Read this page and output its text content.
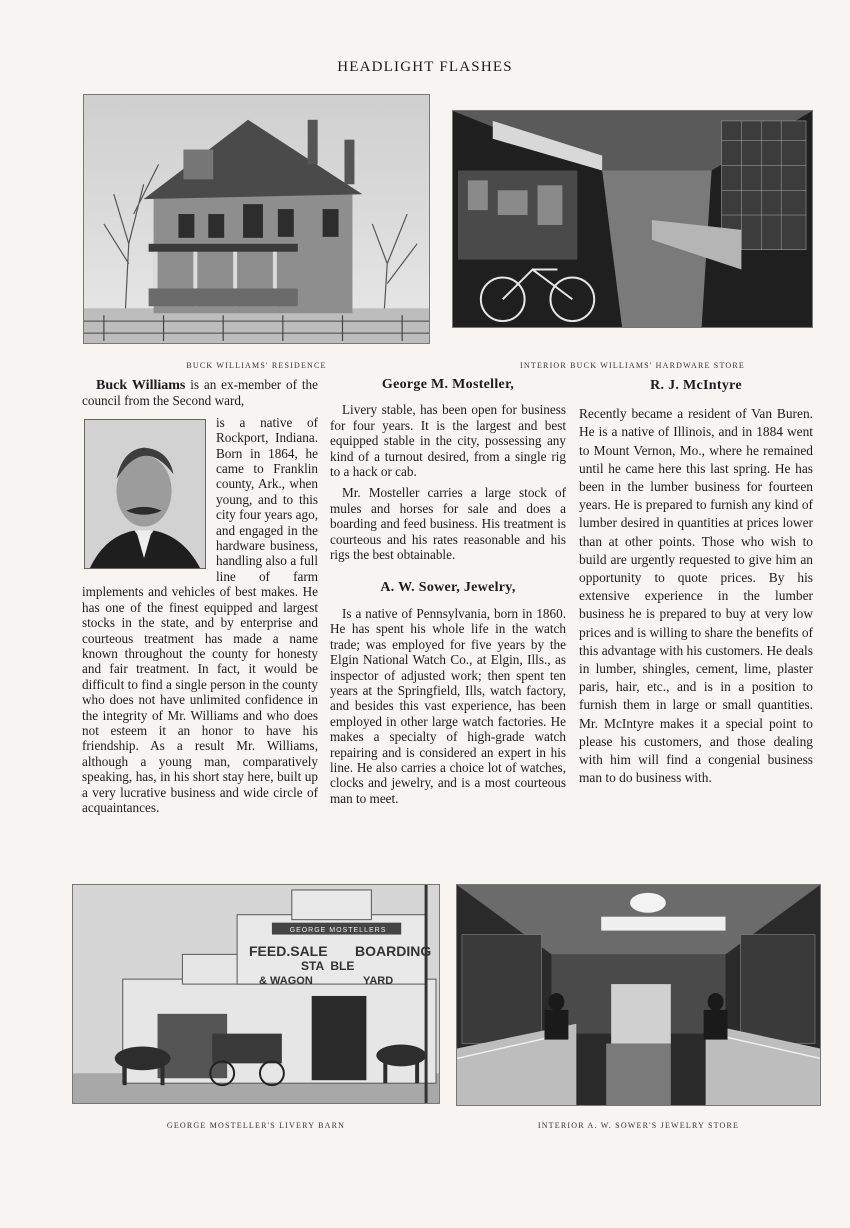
HEADLIGHT FLASHES
BUCK WILLIAMS' RESIDENCE	INTERIOR BUCK WILLIAMS' HARDWARE STORE

Buck Williams is an ex-member of the council from the Second ward,

is a native of Rockport, Indiana. Born in 1864, he came to Franklin county, Ark., when young, and to this city four years ago, and engaged in the hardware business, handling also a full line of farm implements and vehicles of best makes. He has one of the finest equipped and largest stocks in the state, and by enterprise and courteous treatment has made a name known throughout the county for honesty and fair treatment. In fact, it would be difficult to find a single person in the county who does not have unlimited confidence in the integrity of Mr. Williams and who does not esteem it an honor to have his friendship. As a result Mr. Williams, although a young man, comparatively speaking, has, in his short stay here, built up a very lucrative business and wide circle of acquaintances.

George M. Mosteller,

Livery stable, has been open for business for four years. It is the largest and best equipped stable in the city, possessing any kind of a turnout desired, from a single rig to a hack or cab.

Mr. Mosteller carries a large stock of mules and horses for sale and does a boarding and feed business. His treatment is courteous and his rates reasonable and his rigs the best obtainable.

A. W. Sower, Jewelry,

Is a native of Pennsylvania, born in 1860. He has spent his whole life in the watch trade; was employed for five years by the Elgin National Watch Co., at Elgin, Ills., as inspector of adjusted work; then spent ten years at the Springfield, Ills, watch factory, and besides this vast experience, has been employed in other large watch factories. He makes a specialty of high-grade watch repairing and is considered an expert in his line. He also carries a choice lot of watches, clocks and jewelry, and is a most courteous man to meet.

R. J. McIntyre

Recently became a resident of Van Buren. He is a native of Illinois, and in 1884 went to Mount Vernon, Mo., where he remained until he came here this last spring. He has been in the lumber business for fourteen years. He is prepared to furnish any kind of lumber desired in quantities at prices lower than at other points. Those who wish to build are urgently requested to give him an opportunity to quote prices. By his extensive experience in the lumber business he is prepared to buy at very low prices and is willing to share the benefits of this advantage with his customers. He deals in lumber, shingles, cement, lime, plaster paris, hair, etc., and is in a position to furnish them in large or small quantities. Mr. McIntyre makes it a special point to please his customers, and those dealing with him will find a congenial business man to do business with.

GEORGE MOSTELLERS
FEED.SALE BOARDING
STA  BLE
& WAGON	YARD
GEORGE MOSTELLER'S LIVERY BARN	INTERIOR A. W. SOWER'S JEWELRY STORE
